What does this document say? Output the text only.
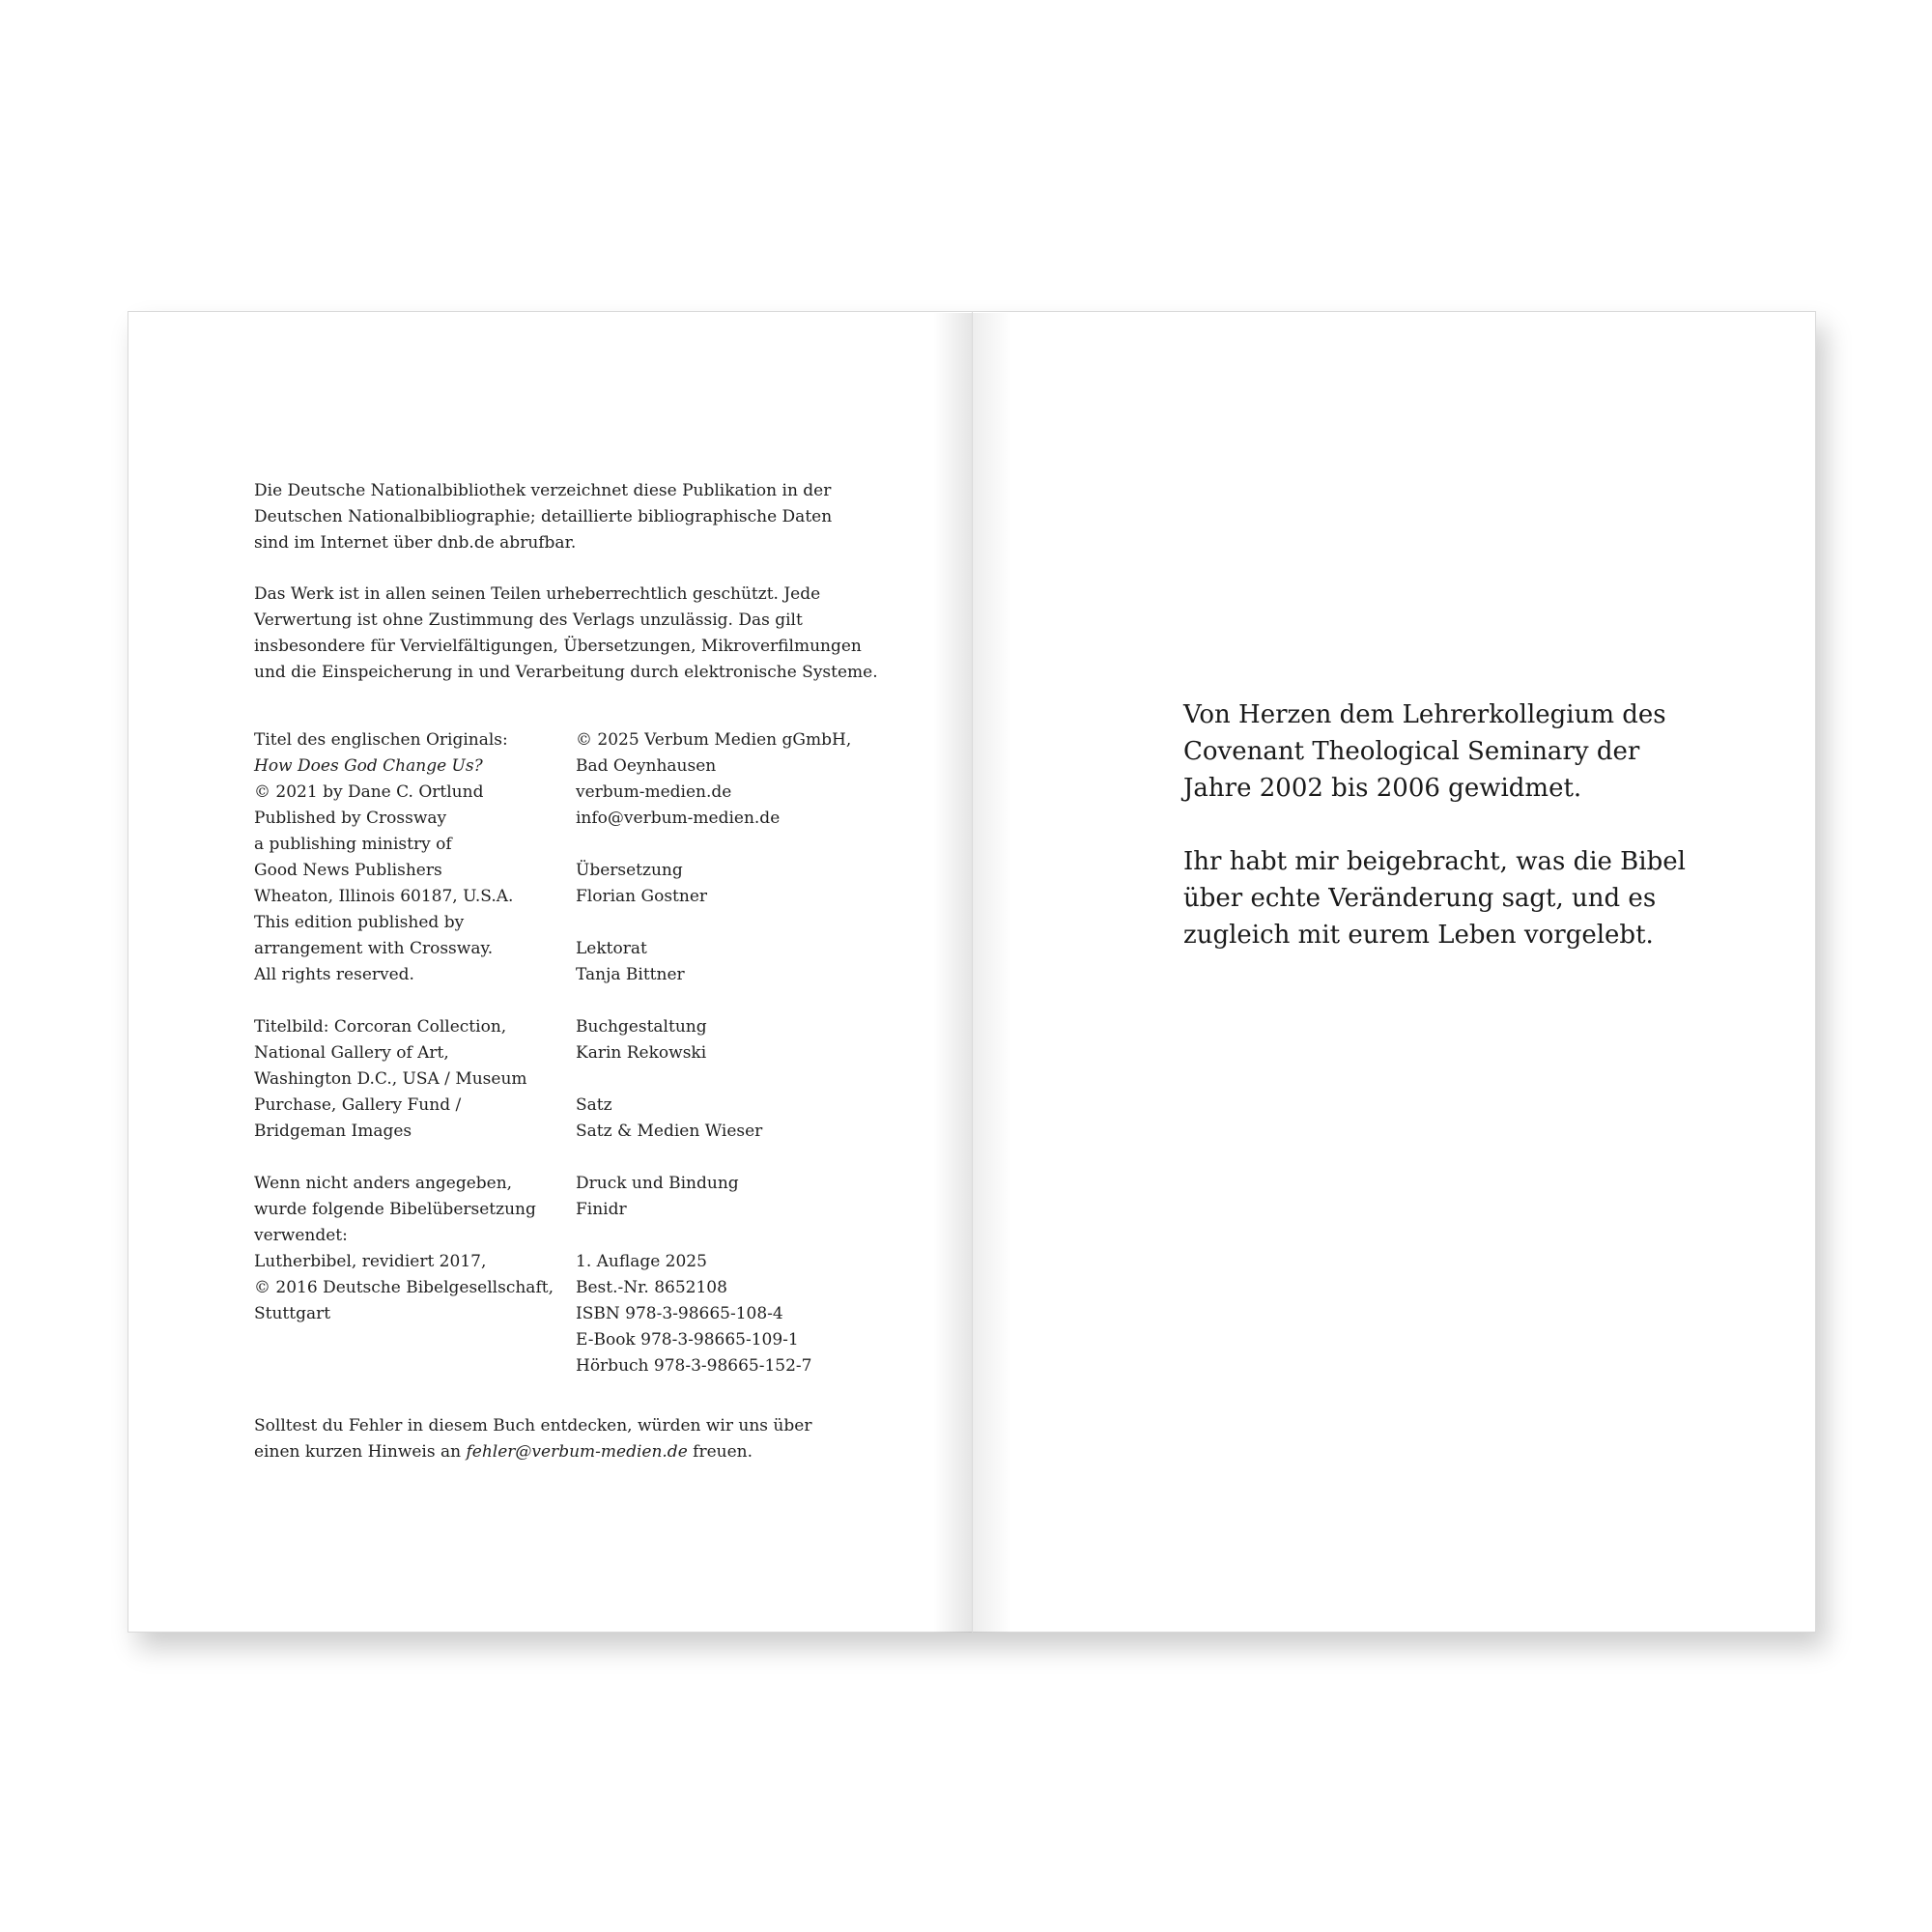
Die Deutsche Nationalbibliothek verzeichnet diese Publikation in der
Deutschen Nationalbibliographie; detaillierte bibliographische Daten
sind im Internet über dnb.de abrufbar.
Das Werk ist in allen seinen Teilen urheberrechtlich geschützt. Jede
Verwertung ist ohne Zustimmung des Verlags unzulässig. Das gilt
insbesondere für Vervielfältigungen, Übersetzungen, Mikroverfilmungen
und die Einspeicherung in und Verarbeitung durch elektronische Systeme.
Titel des englischen Originals:
How Does God Change Us?
© 2021 by Dane C. Ortlund
Published by Crossway
a publishing ministry of
Good News Publishers
Wheaton, Illinois 60187, U.S.A.
This edition published by
arrangement with Crossway.
All rights reserved.
Titelbild: Corcoran Collection,
National Gallery of Art,
Washington D.C., USA / Museum
Purchase, Gallery Fund /
Bridgeman Images
Wenn nicht anders angegeben,
wurde folgende Bibelübersetzung
verwendet:
Lutherbibel, revidiert 2017,
© 2016 Deutsche Bibelgesellschaft,
Stuttgart
© 2025 Verbum Medien gGmbH,
Bad Oeynhausen
verbum-medien.de
info@verbum-medien.de
Übersetzung
Florian Gostner
Lektorat
Tanja Bittner
Buchgestaltung
Karin Rekowski
Satz
Satz & Medien Wieser
Druck und Bindung
Finidr
1. Auflage 2025
Best.-Nr. 8652108
ISBN 978-3-98665-108-4
E-Book 978-3-98665-109-1
Hörbuch 978-3-98665-152-7
Solltest du Fehler in diesem Buch entdecken, würden wir uns über
einen kurzen Hinweis an fehler@verbum-medien.de freuen.

Von Herzen dem Lehrerkollegium des
Covenant Theological Seminary der
Jahre 2002 bis 2006 gewidmet.

Ihr habt mir beigebracht, was die Bibel
über echte Veränderung sagt, und es
zugleich mit eurem Leben vorgelebt.
